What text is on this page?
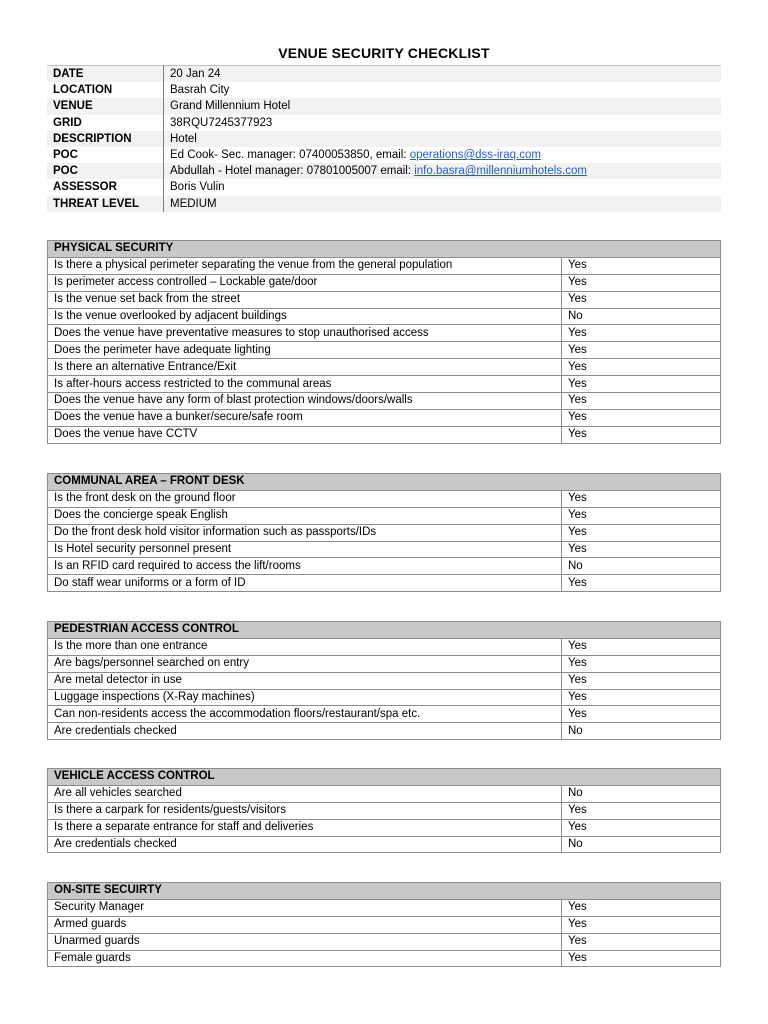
VENUE SECURITY CHECKLIST
DATE	20 Jan 24
LOCATION	Basrah City
VENUE	Grand Millennium Hotel
GRID	38RQU7245377923
DESCRIPTION	Hotel
POC	Ed Cook- Sec. manager: 07400053850, email: operations@dss-iraq.com
POC	Abdullah - Hotel manager: 07801005007 email: info.basra@millenniumhotels.com
ASSESSOR	Boris Vulin
THREAT LEVEL	MEDIUM
PHYSICAL SECURITY	
Is there a physical perimeter separating the venue from the general population	Yes
Is perimeter access controlled – Lockable gate/door	Yes
Is the venue set back from the street	Yes
Is the venue overlooked by adjacent buildings	No
Does the venue have preventative measures to stop unauthorised access	Yes
Does the perimeter have adequate lighting	Yes
Is there an alternative Entrance/Exit	Yes
Is after-hours access restricted to the communal areas	Yes
Does the venue have any form of blast protection windows/doors/walls	Yes
Does the venue have a bunker/secure/safe room	Yes
Does the venue have CCTV	Yes
COMMUNAL AREA – FRONT DESK	
Is the front desk on the ground floor	Yes
Does the concierge speak English	Yes
Do the front desk hold visitor information such as passports/IDs	Yes
Is Hotel security personnel present	Yes
Is an RFID card required to access the lift/rooms	No
Do staff wear uniforms or a form of ID	Yes
PEDESTRIAN ACCESS CONTROL	
Is the more than one entrance	Yes
Are bags/personnel searched on entry	Yes
Are metal detector in use	Yes
Luggage inspections (X-Ray machines)	Yes
Can non-residents access the accommodation floors/restaurant/spa etc.	Yes
Are credentials checked	No
VEHICLE ACCESS CONTROL	
Are all vehicles searched	No
Is there a carpark for residents/guests/visitors	Yes
Is there a separate entrance for staff and deliveries	Yes
Are credentials checked	No
ON-SITE SECUIRTY	
Security Manager	Yes
Armed guards	Yes
Unarmed guards	Yes
Female guards	Yes
